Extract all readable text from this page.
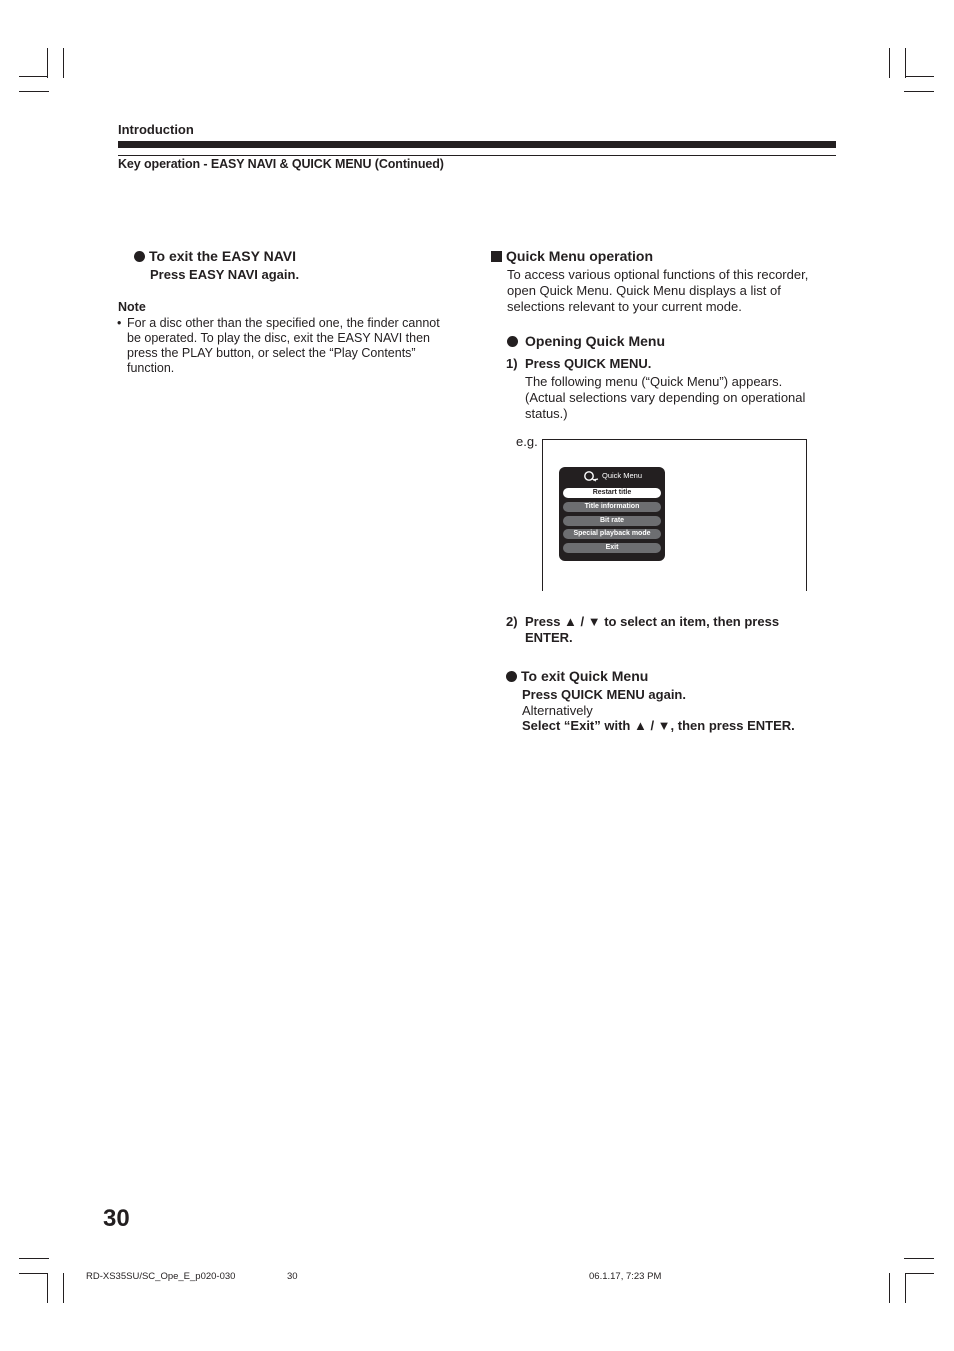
Introduction
Key operation - EASY NAVI & QUICK MENU (Continued)
To exit the EASY NAVI
Press EASY NAVI again.
Note
• For a disc other than the specified one, the finder cannot
be operated. To play the disc, exit the EASY NAVI then
press the PLAY button, or select the “Play Contents”
function.
Quick Menu operation
To access various optional functions of this recorder,
open Quick Menu. Quick Menu displays a list of
selections relevant to your current mode.
Opening Quick Menu
1) Press QUICK MENU.
The following menu (“Quick Menu”) appears.
(Actual selections vary depending on operational
status.)
e.g.
Quick Menu
Restart title
Title information
Bit rate
Special playback mode
Exit
2) Press ▲ / ▼ to select an item, then press
ENTER.
To exit Quick Menu
Press QUICK MENU again.
Alternatively
Select “Exit” with ▲ / ▼, then press ENTER.
30
RD-XS35SU/SC_Ope_E_p020-030	30	06.1.17, 7:23 PM
